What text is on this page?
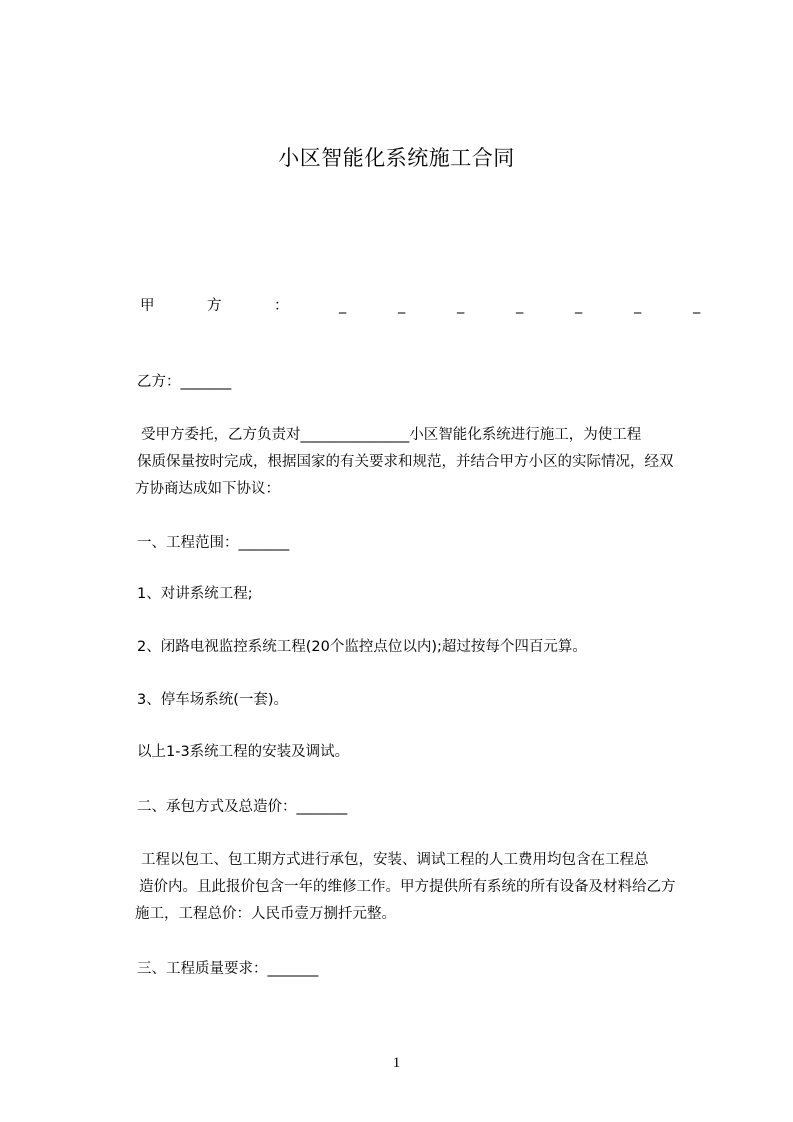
小区智能化系统施工合同
甲	方	：	_	_	_	_	_	_	_
乙方：_______
受甲方委托，乙方负责对_______________小区智能化系统进行施工，为使工程
保质保量按时完成，根据国家的有关要求和规范，并结合甲方小区的实际情况，经双
方协商达成如下协议：
一、工程范围：_______
1、对讲系统工程;
2、闭路电视监控系统工程(20个监控点位以内);超过按每个四百元算。
3、停车场系统(一套)。
以上1-3系统工程的安装及调试。
二、承包方式及总造价：_______
工程以包工、包工期方式进行承包，安装、调试工程的人工费用均包含在工程总
造价内。且此报价包含一年的维修工作。甲方提供所有系统的所有设备及材料给乙方
施工，工程总价：人民币壹万捌扦元整。
三、工程质量要求：_______
1
